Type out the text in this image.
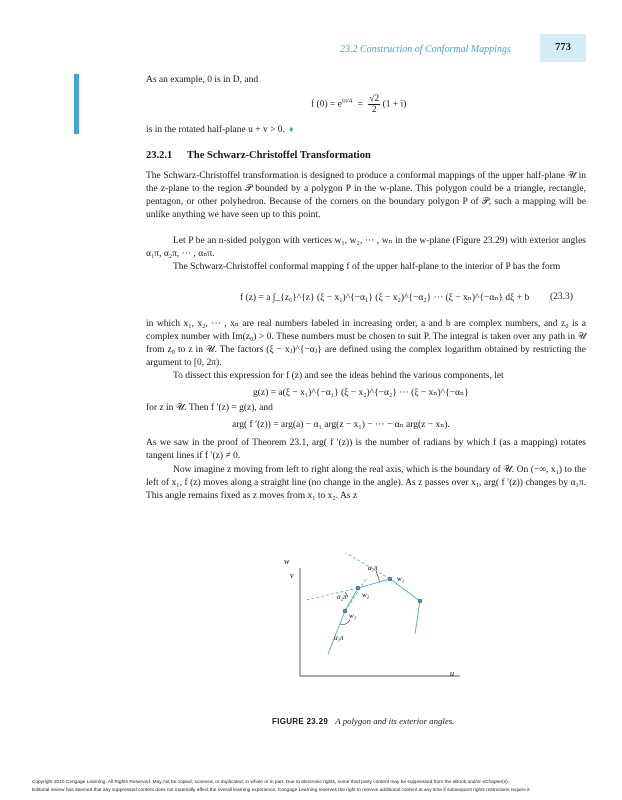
23.2 Construction of Conformal Mappings	773
As an example, 0 is in D, and
f $(0) = e^{i\pi/4} = \frac{√2}{2} (1 + i)$
is in the rotated half-plane u + v > 0. ♦
23.2.1 The Schwarz-Christoffel Transformation
The Schwarz-Christoffel transformation is designed to produce a conformal mappings of the upper half-plane 𝒰 in the z-plane to the region 𝒫 bounded by a polygon P in the w-plane. This polygon could be a triangle, rectangle, pentagon, or other polyhedron. Because of the corners on the boundary polygon P of 𝒫, such a mapping will be unlike anything we have seen up to this point.
Let P be an n-sided polygon with vertices w₁, w₂, ··· , wₙ in the w-plane (Figure 23.29) with exterior angles α₁π, α₂π, ··· , αₙπ.
The Schwarz-Christoffel conformal mapping f of the upper half-plane to the interior of P has the form
f (z) = a ∫_{z₀}^{z} (ξ − x₁)^{−α₁} (ξ − x₂)^{−α₂} ··· (ξ − xₙ)^{−αₙ} dξ + b (23.3)
in which x₁, x₂, ··· , xₙ are real numbers labeled in increasing order, a and b are complex numbers, and z₀ is a complex number with Im(z₀) > 0. These numbers must be chosen to suit P. The integral is taken over any path in 𝒰 from z₀ to z in 𝒰. The factors (ξ − xⱼ)^{−αⱼ} are defined using the complex logarithm obtained by restricting the argument to [0, 2π).
To dissect this expression for f (z) and see the ideas behind the various components, let
g(z) = a(ξ − x₁)^{−α₁} (ξ − x₂)^{−α₂} ··· (ξ − xₙ)^{−αₙ}
for z in 𝒰. Then f ′(z) = g(z), and
arg( f ′(z)) = arg(a) − α₁ arg(z − x₁) − ··· − αₙ arg(z − xₙ).
As we saw in the proof of Theorem 23.1, arg( f ′(z)) is the number of radians by which f (as a mapping) rotates tangent lines if f ′(z) ≠ 0.
Now imagine z moving from left to right along the real axis, which is the boundary of 𝒰. On (−∞, x₁) to the left of x₁, f (z) moves along a straight line (no change in the angle). As z passes over x₁, arg( f ′(z)) changes by α₁π. This angle remains fixed as z moves from x₁ to x₂. As z
w
v
u
α₁π
α₂π
α₃π
w₁
w₂
w₃
FIGURE 23.29 A polygon and its exterior angles.
Copyright 2010 Cengage Learning. All Rights Reserved. May not be copied, scanned, or duplicated, in whole or in part. Due to electronic rights, some third party content may be suppressed from the eBook and/or eChapter(s).
Editorial review has deemed that any suppressed content does not materially affect the overall learning experience. Cengage Learning reserves the right to remove additional content at any time if subsequent rights restrictions require it.
